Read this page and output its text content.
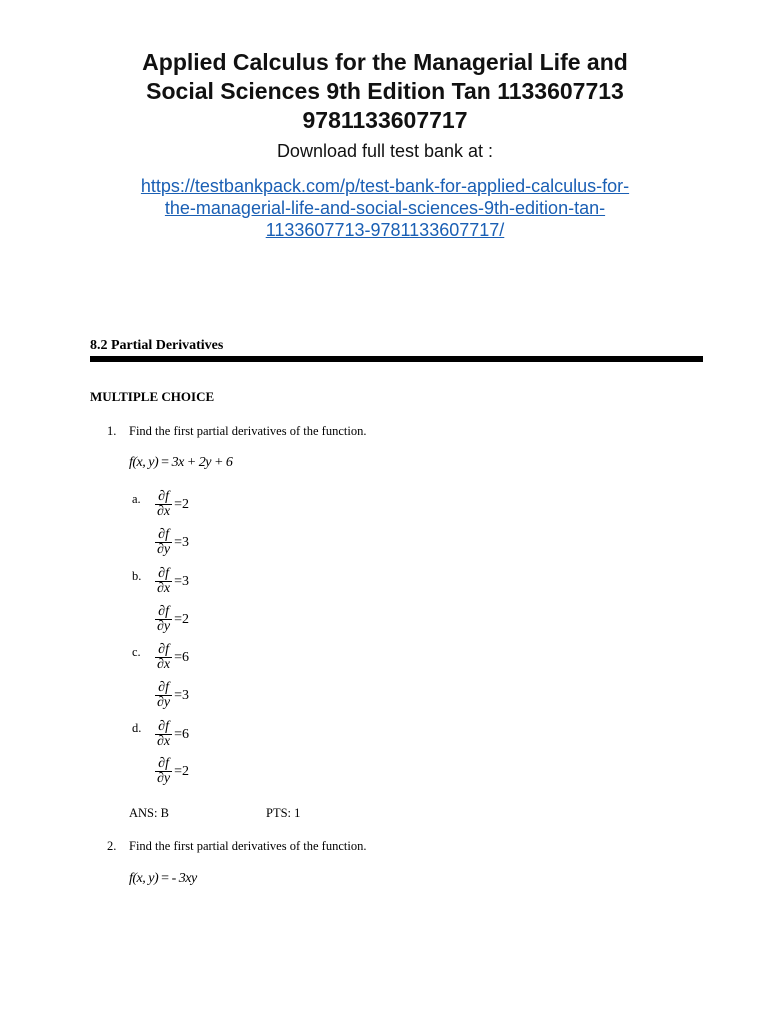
Applied Calculus for the Managerial Life and
Social Sciences 9th Edition Tan 1133607713
9781133607717
Download full test bank at :
https://testbankpack.com/p/test-bank-for-applied-calculus-for-
the-managerial-life-and-social-sciences-9th-edition-tan-
1133607713-9781133607717/
8.2 Partial Derivatives
MULTIPLE CHOICE
1. Find the first partial derivatives of the function.
f(x, y) = 3x + 2y + 6
a. $\frac{\partial f}{\partial x} =2$
$\frac{\partial f}{\partial y} =3$
b. $\frac{\partial f}{\partial x} =3$
$\frac{\partial f}{\partial y} =2$
c. $\frac{\partial f}{\partial x} =6$
$\frac{\partial f}{\partial y} =3$
d. $\frac{\partial f}{\partial x} =6$
$\frac{\partial f}{\partial y} =2$
ANS: B	PTS: 1
2. Find the first partial derivatives of the function.
f(x, y) = - 3xy
